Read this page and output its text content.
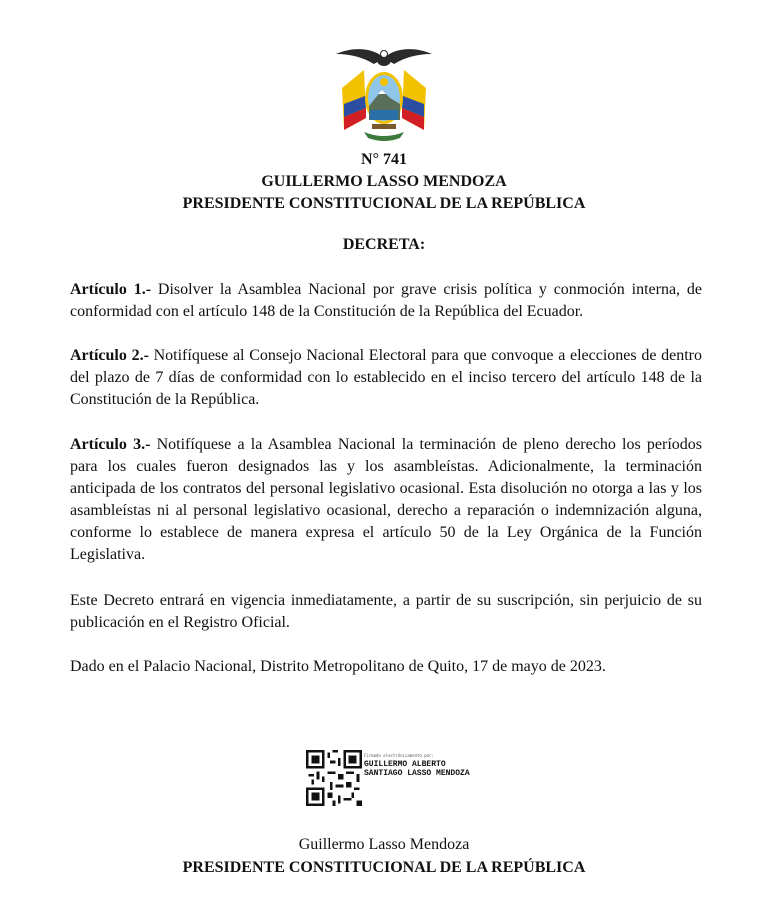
N° 741
GUILLERMO LASSO MENDOZA
PRESIDENTE CONSTITUCIONAL DE LA REPÚBLICA
DECRETA:
Artículo 1.- Disolver la Asamblea Nacional por grave crisis política y conmoción interna, de conformidad con el artículo 148 de la Constitución de la República del Ecuador.
Artículo 2.- Notifíquese al Consejo Nacional Electoral para que convoque a elecciones de dentro del plazo de 7 días de conformidad con lo establecido en el inciso tercero del artículo 148 de la Constitución de la República.
Artículo 3.- Notifíquese a la Asamblea Nacional la terminación de pleno derecho los períodos para los cuales fueron designados las y los asambleístas. Adicionalmente, la terminación anticipada de los contratos del personal legislativo ocasional. Esta disolución no otorga a las y los asambleístas ni al personal legislativo ocasional, derecho a reparación o indemnización alguna, conforme lo establece de manera expresa el artículo 50 de la Ley Orgánica de la Función Legislativa.
Este Decreto entrará en vigencia inmediatamente, a partir de su suscripción, sin perjuicio de su publicación en el Registro Oficial.
Dado en el Palacio Nacional, Distrito Metropolitano de Quito, 17 de mayo de 2023.
Firmado electrónicamente por:
GUILLERMO ALBERTO SANTIAGO LASSO MENDOZA
Guillermo Lasso Mendoza
PRESIDENTE CONSTITUCIONAL DE LA REPÚBLICA
